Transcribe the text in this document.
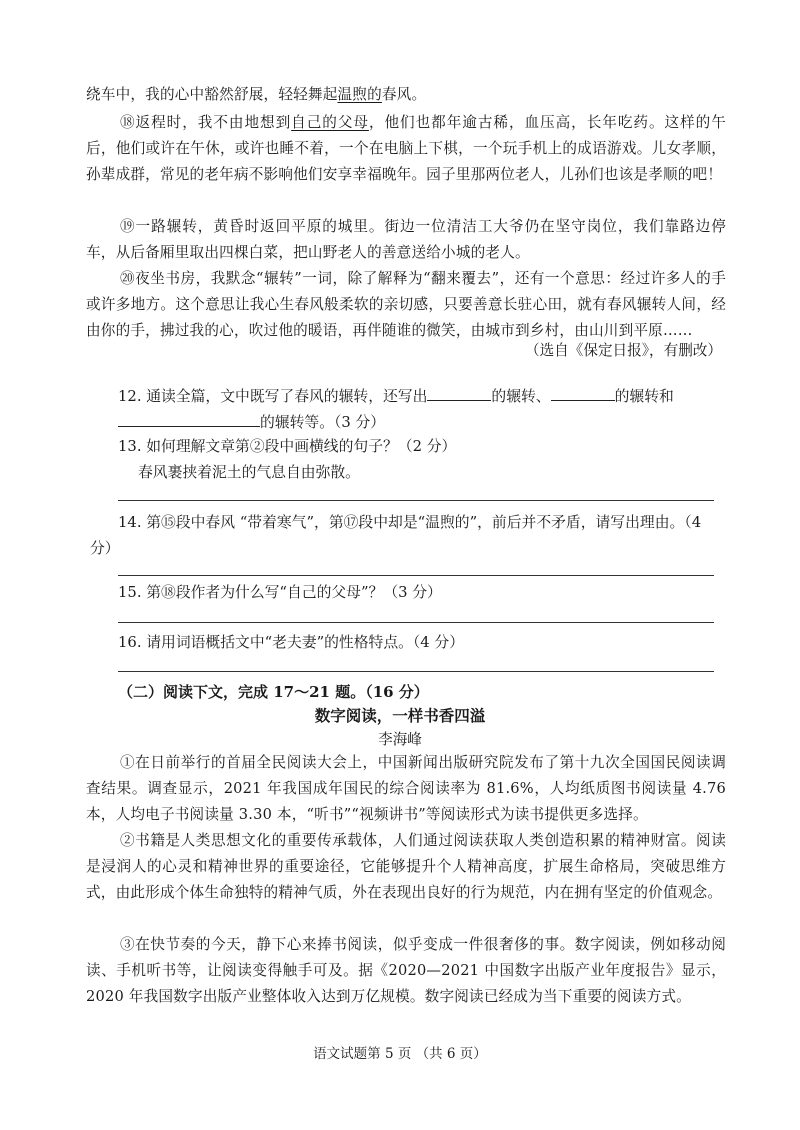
绕车中，我的心中豁然舒展，轻轻舞起温煦的春风。

⑱返程时，我不由地想到自己的父母，他们也都年逾古稀，血压高，长年吃药。这样的午后，他们或许在午休，或许也睡不着，一个在电脑上下棋，一个玩手机上的成语游戏。儿女孝顺，孙辈成群，常见的老年病不影响他们安享幸福晚年。园子里那两位老人，儿孙们也该是孝顺的吧！

⑲一路辗转，黄昏时返回平原的城里。街边一位清洁工大爷仍在坚守岗位，我们靠路边停车，从后备厢里取出四棵白菜，把山野老人的善意送给小城的老人。

⑳夜坐书房，我默念“辗转”一词，除了解释为“翻来覆去”，还有一个意思：经过许多人的手或许多地方。这个意思让我心生春风般柔软的亲切感，只要善意长驻心田，就有春风辗转人间，经由你的手，拂过我的心，吹过他的暖语，再伴随谁的微笑，由城市到乡村，由山川到平原……

（选自《保定日报》，有删改）
12. 通读全篇，文中既写了春风的辗转，还写出	的辗转、	的辗转和
的辗转等。（3 分）
13. 如何理解文章第②段中画横线的句子？（2 分）
春风裹挟着泥土的气息自由弥散。
14. 第⑮段中春风 “带着寒气”，第⑰段中却是“温煦的”，前后并不矛盾，请写出理由。（4 分）
15. 第⑱段作者为什么写“自己的父母”？（3 分）
16. 请用词语概括文中“老夫妻”的性格特点。（4 分）
（二）阅读下文，完成 17～21 题。（16 分）
数字阅读，一样书香四溢
李海峰

①在日前举行的首届全民阅读大会上，中国新闻出版研究院发布了第十九次全国国民阅读调查结果。调查显示，2021 年我国成年国民的综合阅读率为 81.6%，人均纸质图书阅读量 4.76 本，人均电子书阅读量 3.30 本，“听书”“视频讲书”等阅读形式为读书提供更多选择。

②书籍是人类思想文化的重要传承载体，人们通过阅读获取人类创造积累的精神财富。阅读是浸润人的心灵和精神世界的重要途径，它能够提升个人精神高度，扩展生命格局，突破思维方式，由此形成个体生命独特的精神气质，外在表现出良好的行为规范，内在拥有坚定的价值观念。

③在快节奏的今天，静下心来捧书阅读，似乎变成一件很奢侈的事。数字阅读，例如移动阅读、手机听书等，让阅读变得触手可及。据《2020—2021 中国数字出版产业年度报告》显示，2020 年我国数字出版产业整体收入达到万亿规模。数字阅读已经成为当下重要的阅读方式。

语文试题第 5 页 （共 6 页）
